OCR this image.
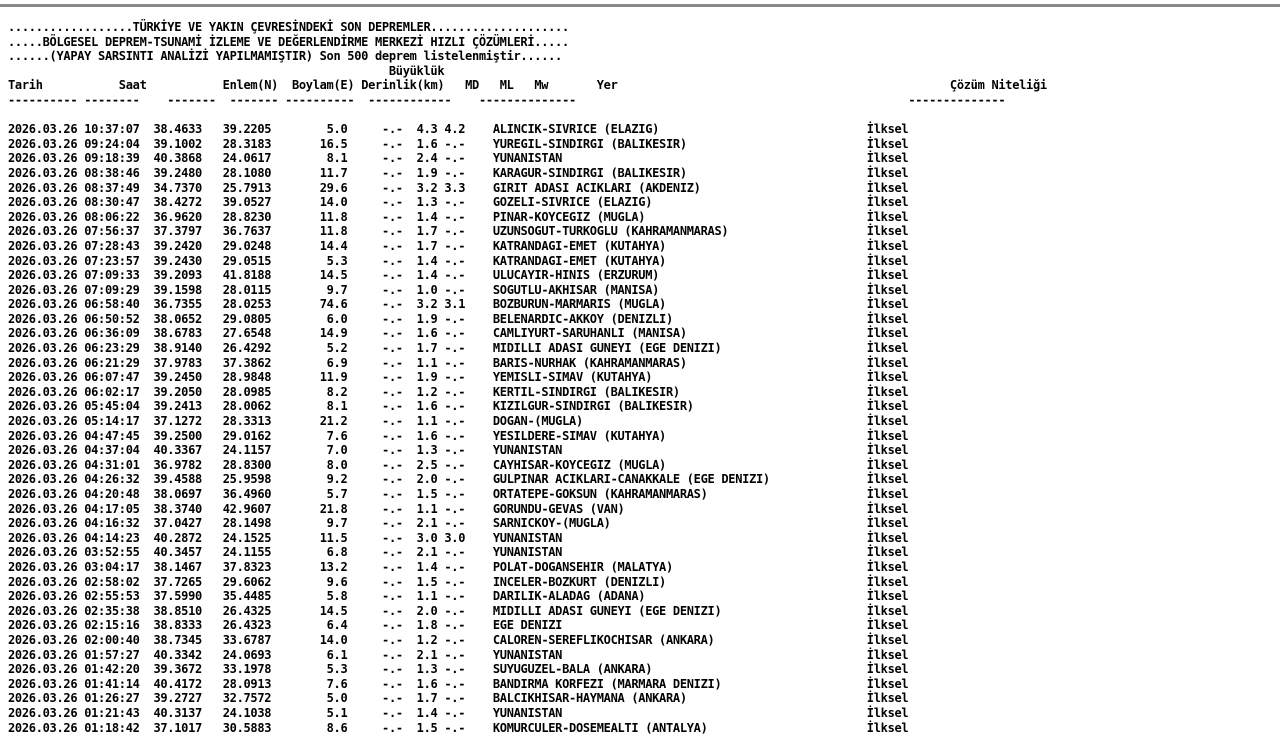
..................TÜRKİYE VE YAKIN ÇEVRESİNDEKİ SON DEPREMLER....................
.....BÖLGESEL DEPREM-TSUNAMİ İZLEME VE DEĞERLENDİRME MERKEZİ HIZLI ÇÖZÜMLERİ.....
......(YAPAY SARSINTI ANALİZİ YAPILMAMIŞTIR) Son 500 deprem listelenmiştir......
Büyüklük
Tarih	Saat	Enlem(N) Boylam(E) Derinlik(km) MD ML Mw	Yer	Çözüm Niteliği
---------- -------- ------- ------- ---------- ------------ --------------	--------------

2026.03.26 10:37:07 38.4633 39.2205        5.0	-.- 4.3 4.2 ALINCIK-SIVRICE (ELAZIG)                              İlksel
2026.03.26 09:24:04 39.1002 28.3183       16.5	-.- 1.6 -.- YUREGIL-SINDIRGI (BALIKESIR)                          İlksel
2026.03.26 09:18:39 40.3868 24.0617        8.1	-.- 2.4 -.- YUNANISTAN                                            İlksel
2026.03.26 08:38:46 39.2480 28.1080       11.7	-.- 1.9 -.- KARAGUR-SINDIRGI (BALIKESIR)                          İlksel
2026.03.26 08:37:49 34.7370 25.7913       29.6	-.- 3.2 3.3 GIRIT ADASI ACIKLARI (AKDENIZ)                        İlksel
2026.03.26 08:30:47 38.4272 39.0527       14.0	-.- 1.3 -.- GOZELI-SIVRICE (ELAZIG)                               İlksel
2026.03.26 08:06:22 36.9620 28.8230       11.8	-.- 1.4 -.- PINAR-KOYCEGIZ (MUGLA)                                İlksel
2026.03.26 07:56:37 37.3797 36.7637       11.8	-.- 1.7 -.- UZUNSOGUT-TURKOGLU (KAHRAMANMARAS)                    İlksel
2026.03.26 07:28:43 39.2420 29.0248       14.4	-.- 1.7 -.- KATRANDAGI-EMET (KUTAHYA)                             İlksel
2026.03.26 07:23:57 39.2430 29.0515        5.3	-.- 1.4 -.- KATRANDAGI-EMET (KUTAHYA)                             İlksel
2026.03.26 07:09:33 39.2093 41.8188       14.5	-.- 1.4 -.- ULUCAYIR-HINIS (ERZURUM)                              İlksel
2026.03.26 07:09:29 39.1598 28.0115        9.7	-.- 1.0 -.- SOGUTLU-AKHISAR (MANISA)                              İlksel
2026.03.26 06:58:40 36.7355 28.0253       74.6	-.- 3.2 3.1 BOZBURUN-MARMARIS (MUGLA)                             İlksel
2026.03.26 06:50:52 38.0652 29.0805        6.0	-.- 1.9 -.- BELENARDIC-AKKOY (DENIZLI)                            İlksel
2026.03.26 06:36:09 38.6783 27.6548       14.9	-.- 1.6 -.- CAMLIYURT-SARUHANLI (MANISA)                          İlksel
2026.03.26 06:23:29 38.9140 26.4292        5.2	-.- 1.7 -.- MIDILLI ADASI GUNEYI (EGE DENIZI)                     İlksel
2026.03.26 06:21:29 37.9783 37.3862        6.9	-.- 1.1 -.- BARIS-NURHAK (KAHRAMANMARAS)                          İlksel
2026.03.26 06:07:47 39.2450 28.9848       11.9	-.- 1.9 -.- YEMISLI-SIMAV (KUTAHYA)                               İlksel
2026.03.26 06:02:17 39.2050 28.0985        8.2	-.- 1.2 -.- KERTIL-SINDIRGI (BALIKESIR)                           İlksel
2026.03.26 05:45:04 39.2413 28.0062        8.1	-.- 1.6 -.- KIZILGUR-SINDIRGI (BALIKESIR)                         İlksel
2026.03.26 05:14:17 37.1272 28.3313       21.2	-.- 1.1 -.- DOGAN-(MUGLA)                                         İlksel
2026.03.26 04:47:45 39.2500 29.0162        7.6	-.- 1.6 -.- YESILDERE-SIMAV (KUTAHYA)                             İlksel
2026.03.26 04:37:04 40.3367 24.1157        7.0	-.- 1.3 -.- YUNANISTAN                                            İlksel
2026.03.26 04:31:01 36.9782 28.8300        8.0	-.- 2.5 -.- CAYHISAR-KOYCEGIZ (MUGLA)                             İlksel
2026.03.26 04:26:32 39.4588 25.9598        9.2	-.- 2.0 -.- GULPINAR ACIKLARI-CANAKKALE (EGE DENIZI)              İlksel
2026.03.26 04:20:48 38.0697 36.4960        5.7	-.- 1.5 -.- ORTATEPE-GOKSUN (KAHRAMANMARAS)                       İlksel
2026.03.26 04:17:05 38.3740 42.9607       21.8	-.- 1.1 -.- GORUNDU-GEVAS (VAN)                                   İlksel
2026.03.26 04:16:32 37.0427 28.1498        9.7	-.- 2.1 -.- SARNICKOY-(MUGLA)                                     İlksel
2026.03.26 04:14:23 40.2872 24.1525       11.5	-.- 3.0 3.0 YUNANISTAN                                            İlksel
2026.03.26 03:52:55 40.3457 24.1155        6.8	-.- 2.1 -.- YUNANISTAN                                            İlksel
2026.03.26 03:04:17 38.1467 37.8323       13.2	-.- 1.4 -.- POLAT-DOGANSEHIR (MALATYA)                            İlksel
2026.03.26 02:58:02 37.7265 29.6062        9.6	-.- 1.5 -.- INCELER-BOZKURT (DENIZLI)                             İlksel
2026.03.26 02:55:53 37.5990 35.4485        5.8	-.- 1.1 -.- DARILIK-ALADAG (ADANA)                                İlksel
2026.03.26 02:35:38 38.8510 26.4325       14.5	-.- 2.0 -.- MIDILLI ADASI GUNEYI (EGE DENIZI)                     İlksel
2026.03.26 02:15:16 38.8333 26.4323        6.4	-.- 1.8 -.- EGE DENIZI                                            İlksel
2026.03.26 02:00:40 38.7345 33.6787       14.0	-.- 1.2 -.- CALOREN-SEREFLIKOCHISAR (ANKARA)                      İlksel
2026.03.26 01:57:27 40.3342 24.0693        6.1	-.- 2.1 -.- YUNANISTAN                                            İlksel
2026.03.26 01:42:20 39.3672 33.1978        5.3	-.- 1.3 -.- SUYUGUZEL-BALA (ANKARA)                               İlksel
2026.03.26 01:41:14 40.4172 28.0913        7.6	-.- 1.6 -.- BANDIRMA KORFEZI (MARMARA DENIZI)                     İlksel
2026.03.26 01:26:27 39.2727 32.7572        5.0	-.- 1.7 -.- BALCIKHISAR-HAYMANA (ANKARA)                          İlksel
2026.03.26 01:21:43 40.3137 24.1038        5.1	-.- 1.4 -.- YUNANISTAN                                            İlksel
2026.03.26 01:18:42 37.1017 30.5883        8.6	-.- 1.5 -.- KOMURCULER-DOSEMEALTI (ANTALYA)                       İlksel
